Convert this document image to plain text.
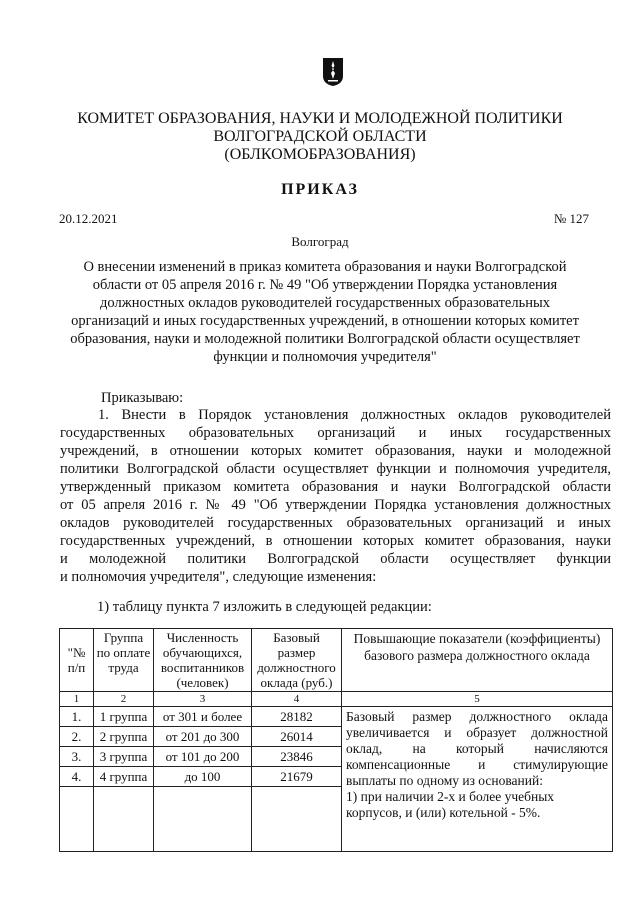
КОМИТЕТ ОБРАЗОВАНИЯ, НАУКИ И МОЛОДЕЖНОЙ ПОЛИТИКИ
ВОЛГОГРАДСКОЙ ОБЛАСТИ
(ОБЛКОМОБРАЗОВАНИЯ)
ПРИКАЗ
20.12.2021	№ 127
Волгоград
О внесении изменений в приказ комитета образования и науки Волгоградской
области от 05 апреля 2016 г. № 49 "Об утверждении Порядка установления
должностных окладов руководителей государственных образовательных
организаций и иных государственных учреждений, в отношении которых комитет
образования, науки и молодежной политики Волгоградской области осуществляет
функции и полномочия учредителя"
Приказываю:
1. Внести в Порядок установления должностных окладов руководителей
государственных образовательных организаций и иных государственных
учреждений, в отношении которых комитет образования, науки и молодежной
политики Волгоградской области осуществляет функции и полномочия учредителя,
утвержденный приказом комитета образования и науки Волгоградской области
от 05 апреля 2016 г. № 49 "Об утверждении Порядка установления должностных
окладов руководителей государственных образовательных организаций и иных
государственных учреждений, в отношении которых комитет образования, науки
и молодежной политики Волгоградской области осуществляет функции
и полномочия учредителя", следующие изменения:
1) таблицу пункта 7 изложить в следующей редакции:
"№ п/п	Группа по оплате труда	Численность обучающихся, воспитанников (человек)	Базовый размер должностного оклада (руб.)	Повышающие показатели (коэффициенты) базового размера должностного оклада
1	2	3	4	5
1.	1 группа	от 301 и более	28182	Базовый размер должностного оклада увеличивается и образует должностной оклад, на который начисляются компенсационные и стимулирующие выплаты по одному из оснований:
1) при наличии 2-х и более учебных корпусов, и (или) котельной - 5%.

2.	2 группа	от 201 до 300	26014	
3.	3 группа	от 101 до 200	23846	
4.	4 группа	до 100	21679	
